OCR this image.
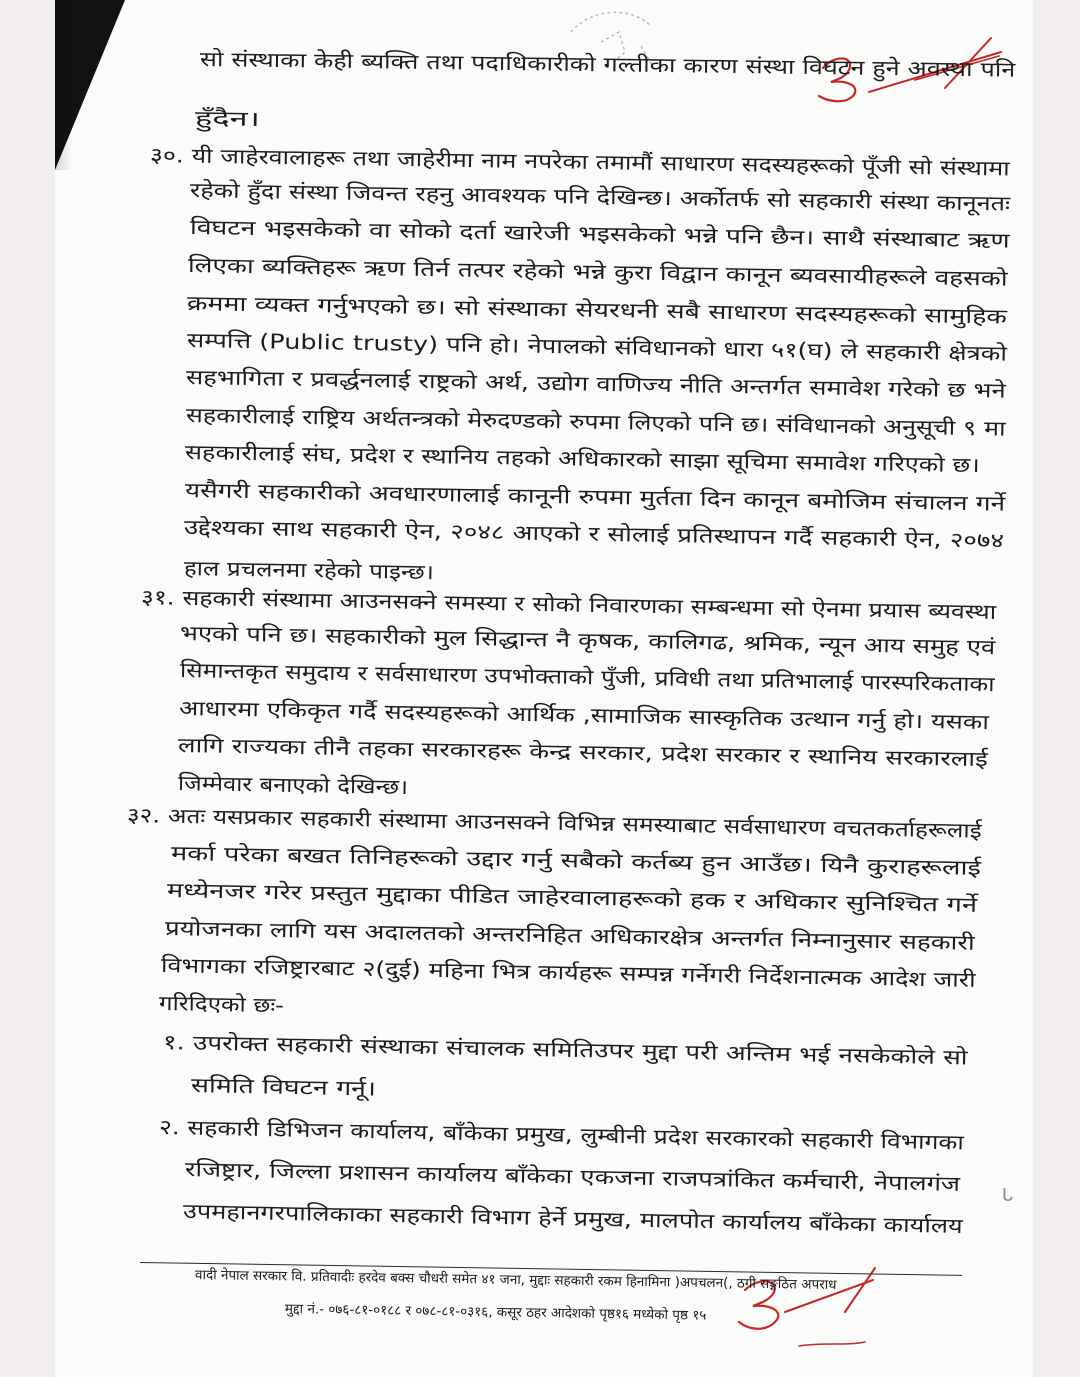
सो संस्थाका केही ब्यक्ति तथा पदाधिकारीको गल्तीका कारण संस्था विघटन हुने अवस्था पनि
हुँदैन।
३०. यी जाहेरवालाहरू तथा जाहेरीमा नाम नपरेका तमामौं साधारण सदस्यहरूको पूँजी सो संस्थामा
रहेको हुँदा संस्था जिवन्त रहनु आवश्यक पनि देखिन्छ। अर्कोतर्फ सो सहकारी संस्था कानूनतः
विघटन भइसकेको वा सोको दर्ता खारेजी भइसकेको भन्ने पनि छैन। साथै संस्थाबाट ऋण
लिएका ब्यक्तिहरू ऋण तिर्न तत्पर रहेको भन्ने कुरा विद्वान कानून ब्यवसायीहरूले वहसको
क्रममा व्यक्त गर्नुभएको छ। सो संस्थाका सेयरधनी सबै साधारण सदस्यहरूको सामुहिक
सम्पत्ति (Public trusty) पनि हो। नेपालको संविधानको धारा ५१(घ) ले सहकारी क्षेत्रको
सहभागिता र प्रवर्द्धनलाई राष्ट्रको अर्थ, उद्योग वाणिज्य नीति अन्तर्गत समावेश गरेको छ भने
सहकारीलाई राष्ट्रिय अर्थतन्त्रको मेरुदण्डको रुपमा लिएको पनि छ। संविधानको अनुसूची ९ मा
सहकारीलाई संघ, प्रदेश र स्थानिय तहको अधिकारको साझा सूचिमा समावेश गरिएको छ।
यसैगरी सहकारीको अवधारणालाई कानूनी रुपमा मुर्तता दिन कानून बमोजिम संचालन गर्ने
उद्देश्यका साथ सहकारी ऐन, २०४८ आएको र सोलाई प्रतिस्थापन गर्दै सहकारी ऐन, २०७४
हाल प्रचलनमा रहेको पाइन्छ।
३१. सहकारी संस्थामा आउनसक्ने समस्या र सोको निवारणका सम्बन्धमा सो ऐनमा प्रयास ब्यवस्था
भएको पनि छ। सहकारीको मुल सिद्धान्त नै कृषक, कालिगढ, श्रमिक, न्यून आय समुह एवं
सिमान्तकृत समुदाय र सर्वसाधारण उपभोक्ताको पुँजी, प्रविधी तथा प्रतिभालाई पारस्परिकताका
आधारमा एकिकृत गर्दै सदस्यहरूको आर्थिक ,सामाजिक सास्कृतिक उत्थान गर्नु हो। यसका
लागि राज्यका तीनै तहका सरकारहरू केन्द्र सरकार, प्रदेश सरकार र स्थानिय सरकारलाई
जिम्मेवार बनाएको देखिन्छ।
३२. अतः यसप्रकार सहकारी संस्थामा आउनसक्ने विभिन्न समस्याबाट सर्वसाधारण वचतकर्ताहरूलाई
मर्का परेका बखत तिनिहरूको उद्दार गर्नु सबैको कर्तब्य हुन आउँछ। यिनै कुराहरूलाई
मध्येनजर गरेर प्रस्तुत मुद्दाका पीडित जाहेरवालाहरूको हक र अधिकार सुनिश्चित गर्ने
प्रयोजनका लागि यस अदालतको अन्तरनिहित अधिकारक्षेत्र अन्तर्गत निम्नानुसार सहकारी
विभागका रजिष्ट्रारबाट २(दुई) महिना भित्र कार्यहरू सम्पन्न गर्नेगरी निर्देशनात्मक आदेश जारी
गरिदिएको छः-
१. उपरोक्त सहकारी संस्थाका संचालक समितिउपर मुद्दा परी अन्तिम भई नसकेकोले सो
समिति विघटन गर्नू।
२. सहकारी डिभिजन कार्यालय, बाँकेका प्रमुख, लुम्बीनी प्रदेश सरकारको सहकारी विभागका
रजिष्ट्रार, जिल्ला प्रशासन कार्यालय बाँकेका एकजना राजपत्रांकित कर्मचारी, नेपालगंज
उपमहानगरपालिकाका सहकारी विभाग हेर्ने प्रमुख, मालपोत कार्यालय बाँकेका कार्यालय
वादी नेपाल सरकार वि. प्रतिवादीः हरदेव बक्स चौधरी समेत ४१ जना, मुद्दाः सहकारी रकम हिनामिना )अपचलन(, ठगी सङ्गठित अपराध
मुद्दा नं.- ०७६-८१-०१८८ र ०७८-८१-०३१६, कसूर ठहर आदेशको पृष्ठ१६ मध्येको पृष्ठ १५
ᒐ
